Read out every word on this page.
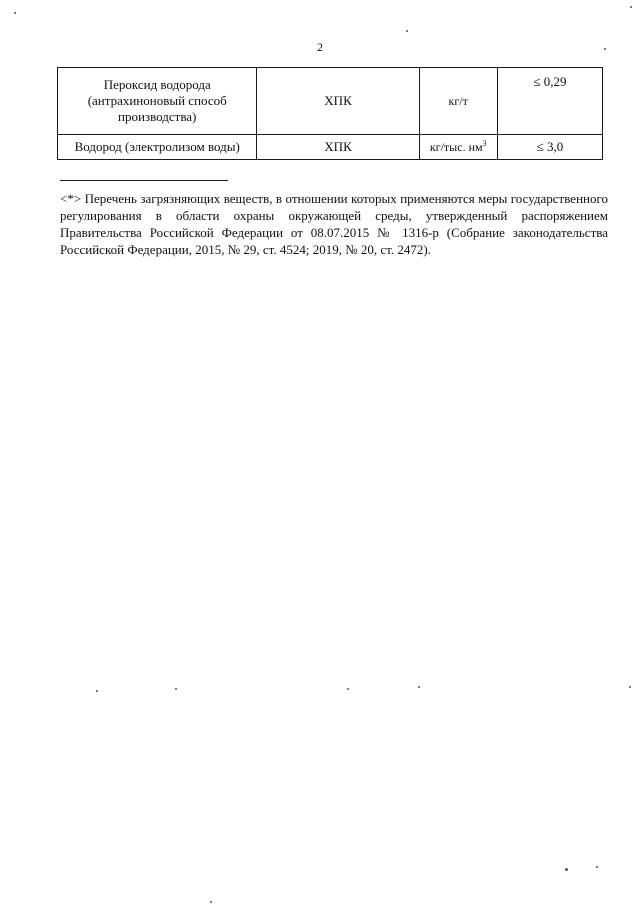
2
Пероксид водорода (антрахиноновый способ производства)	ХПК	кг/т	≤ 0,29
Водород (электролизом воды)	ХПК	кг/тыс. $нм^3$	≤ 3,0
<*> Перечень загрязняющих веществ, в отношении которых применяются меры государственного регулирования в области охраны окружающей среды, утвержденный распоряжением Правительства Российской Федерации от 08.07.2015 № 1316-р (Собрание законодательства Российской Федерации, 2015, № 29, ст. 4524; 2019, № 20, ст. 2472).
